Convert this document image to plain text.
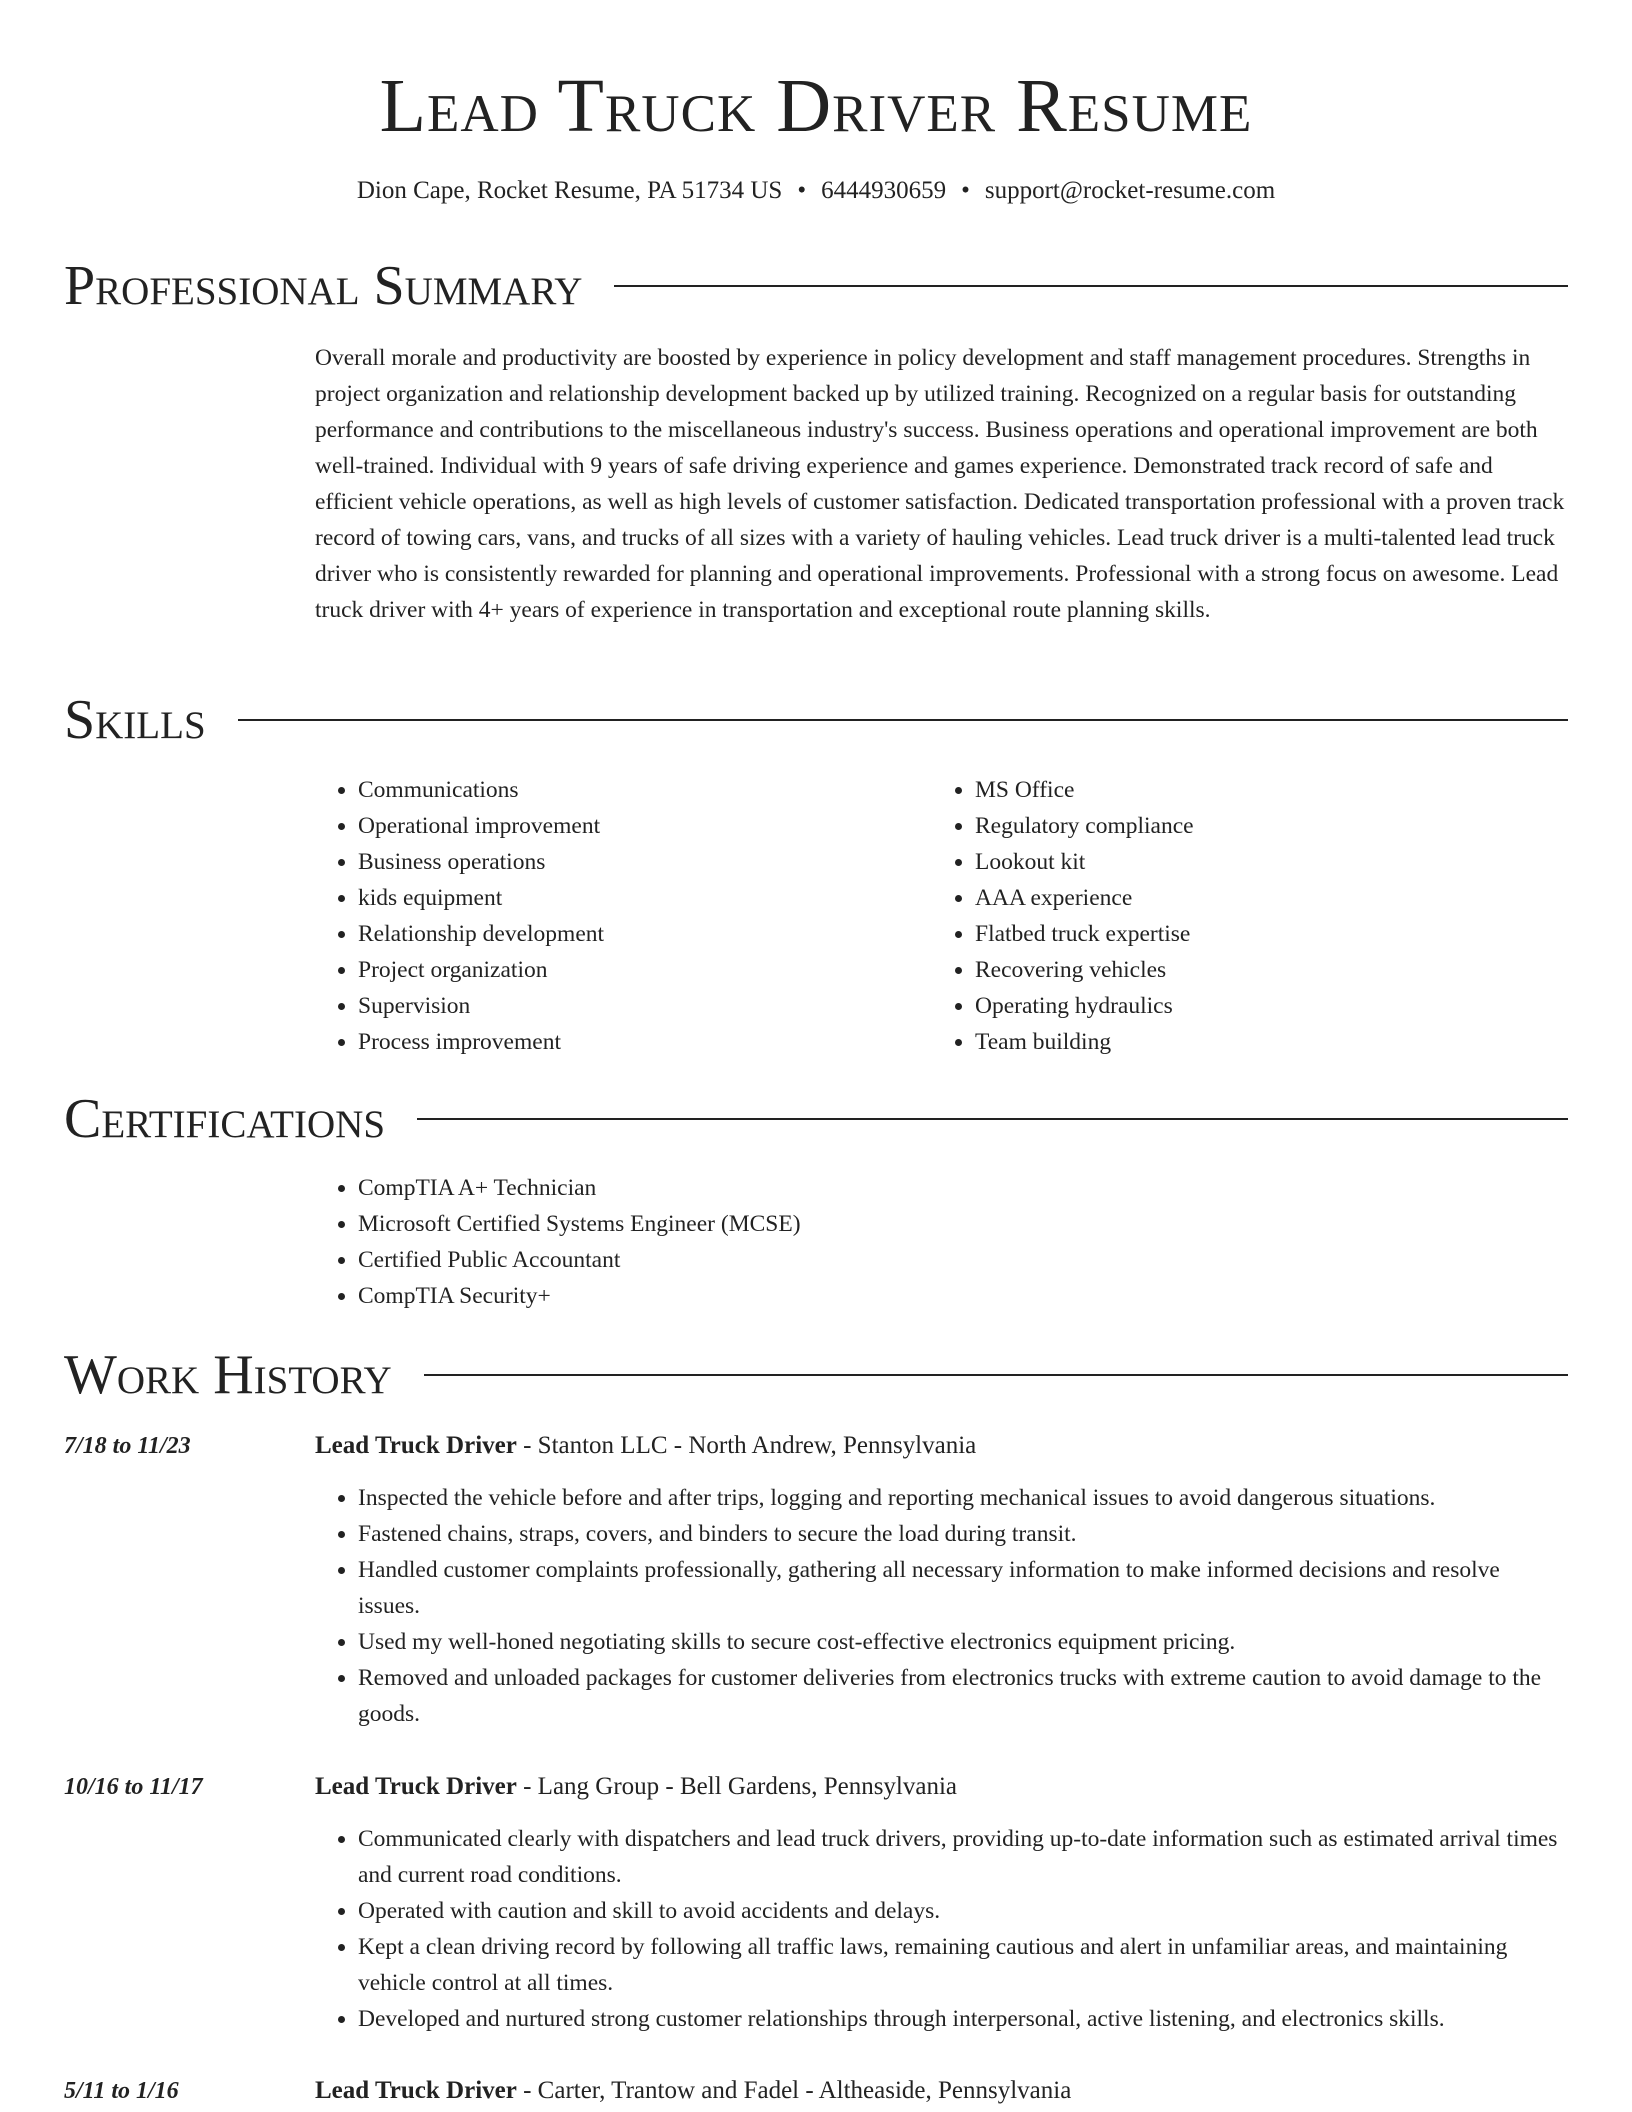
Lead Truck Driver Resume
Dion Cape, Rocket Resume, PA 51734 US • 6444930659 • support@rocket-resume.com
Professional Summary
Overall morale and productivity are boosted by experience in policy development and staff management procedures. Strengths in project organization and relationship development backed up by utilized training. Recognized on a regular basis for outstanding performance and contributions to the miscellaneous industry's success. Business operations and operational improvement are both well-trained. Individual with 9 years of safe driving experience and games experience. Demonstrated track record of safe and efficient vehicle operations, as well as high levels of customer satisfaction. Dedicated transportation professional with a proven track record of towing cars, vans, and trucks of all sizes with a variety of hauling vehicles. Lead truck driver is a multi-talented lead truck driver who is consistently rewarded for planning and operational improvements. Professional with a strong focus on awesome. Lead truck driver with 4+ years of experience in transportation and exceptional route planning skills.
Skills
• Communications
• Operational improvement
• Business operations
• kids equipment
• Relationship development
• Project organization
• Supervision
• Process improvement
• MS Office
• Regulatory compliance
• Lookout kit
• AAA experience
• Flatbed truck expertise
• Recovering vehicles
• Operating hydraulics
• Team building
Certifications
• CompTIA A+ Technician
• Microsoft Certified Systems Engineer (MCSE)
• Certified Public Accountant
• CompTIA Security+
Work History
7/18 to 11/23	Lead Truck Driver - Stanton LLC - North Andrew, Pennsylvania
• Inspected the vehicle before and after trips, logging and reporting mechanical issues to avoid dangerous situations.
• Fastened chains, straps, covers, and binders to secure the load during transit.
• Handled customer complaints professionally, gathering all necessary information to make informed decisions and resolve issues.
• Used my well-honed negotiating skills to secure cost-effective electronics equipment pricing.
• Removed and unloaded packages for customer deliveries from electronics trucks with extreme caution to avoid damage to the goods.
10/16 to 11/17	Lead Truck Driver - Lang Group - Bell Gardens, Pennsylvania
• Communicated clearly with dispatchers and lead truck drivers, providing up-to-date information such as estimated arrival times and current road conditions.
• Operated with caution and skill to avoid accidents and delays.
• Kept a clean driving record by following all traffic laws, remaining cautious and alert in unfamiliar areas, and maintaining vehicle control at all times.
• Developed and nurtured strong customer relationships through interpersonal, active listening, and electronics skills.
5/11 to 1/16	Lead Truck Driver - Carter, Trantow and Fadel - Altheaside, Pennsylvania
